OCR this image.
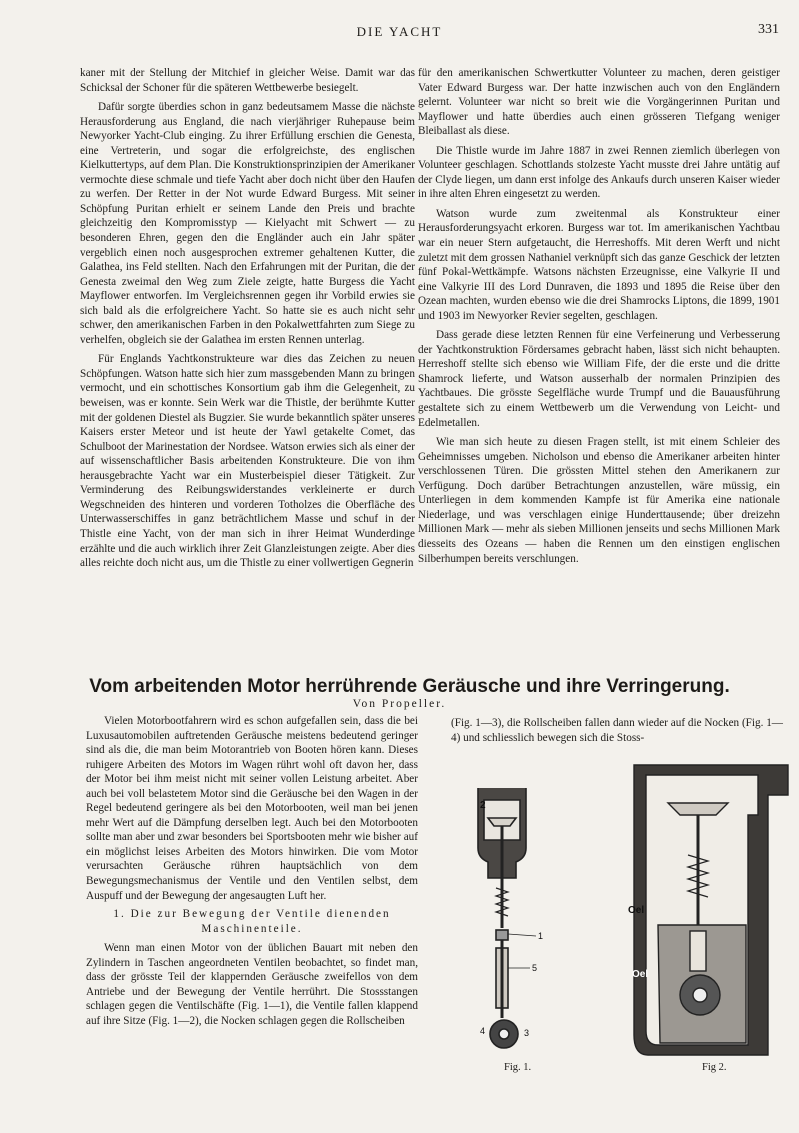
DIE YACHT	331

kaner mit der Stellung der Mitchief in gleicher Weise. Damit war das Schicksal der Schoner für die späteren Wettbewerbe besiegelt.

Dafür sorgte überdies schon in ganz bedeutsamem Masse die nächste Herausforderung aus England, die nach vierjähriger Ruhepause beim Newyorker Yacht-Club einging. Zu ihrer Erfüllung erschien die Genesta, eine Vertreterin, und sogar die erfolgreichste, des englischen Kielkuttertyps, auf dem Plan. Die Konstruktionsprinzipien der Amerikaner vermochte diese schmale und tiefe Yacht aber doch nicht über den Haufen zu werfen. Der Retter in der Not wurde Edward Burgess. Mit seiner Schöpfung Puritan erhielt er seinem Lande den Preis und brachte gleichzeitig den Kompromisstyp — Kielyacht mit Schwert — zu besonderen Ehren, gegen den die Engländer auch ein Jahr später vergeblich einen noch ausgesprochen extremer gehaltenen Kutter, die Galathea, ins Feld stellten. Nach den Erfahrungen mit der Puritan, die der Genesta zweimal den Weg zum Ziele zeigte, hatte Burgess die Yacht Mayflower entworfen. Im Vergleichsrennen gegen ihr Vorbild erwies sie sich bald als die erfolgreichere Yacht. So hatte sie es auch nicht sehr schwer, den amerikanischen Farben in den Pokalwettfahrten zum Siege zu verhelfen, obgleich sie der Galathea im ersten Rennen unterlag.

Für Englands Yachtkonstrukteure war dies das Zeichen zu neuen Schöpfungen. Watson hatte sich hier zum massgebenden Mann zu bringen vermocht, und ein schottisches Konsortium gab ihm die Gelegenheit, zu beweisen, was er konnte. Sein Werk war die Thistle, der berühmte Kutter mit der goldenen Diestel als Bugzier. Sie wurde bekanntlich später unseres Kaisers erster Meteor und ist heute der Yawl getakelte Comet, das Schulboot der Marinestation der Nordsee. Watson erwies sich als einer der auf wissenschaftlicher Basis arbeitenden Konstrukteure. Die von ihm herausgebrachte Yacht war ein Musterbeispiel dieser Tätigkeit. Zur Verminderung des Reibungswiderstandes verkleinerte er durch Wegschneiden des hinteren und vorderen Totholzes die Oberfläche des Unterwasserschiffes in ganz beträchtlichem Masse und schuf in der Thistle eine Yacht, von der man sich in ihrer Heimat Wunderdinge erzählte und die auch wirklich ihrer Zeit Glanzleistungen zeigte. Aber dies alles reichte doch nicht aus, um die Thistle zu einer vollwertigen Gegnerin

für den amerikanischen Schwertkutter Volunteer zu machen, deren geistiger Vater Edward Burgess war. Der hatte inzwischen auch von den Engländern gelernt. Volunteer war nicht so breit wie die Vorgängerinnen Puritan und Mayflower und hatte überdies auch einen grösseren Tiefgang weniger Bleiballast als diese.

Die Thistle wurde im Jahre 1887 in zwei Rennen ziemlich überlegen von Volunteer geschlagen. Schottlands stolzeste Yacht musste drei Jahre untätig auf der Clyde liegen, um dann erst infolge des Ankaufs durch unseren Kaiser wieder in ihre alten Ehren eingesetzt zu werden.

Watson wurde zum zweitenmal als Konstrukteur einer Herausforderungsyacht erkoren. Burgess war tot. Im amerikanischen Yachtbau war ein neuer Stern aufgetaucht, die Herreshoffs. Mit deren Werft und nicht zuletzt mit dem grossen Nathaniel verknüpft sich das ganze Geschick der letzten fünf Pokal-Wettkämpfe. Watsons nächsten Erzeugnisse, eine Valkyrie II und eine Valkyrie III des Lord Dunraven, die 1893 und 1895 die Reise über den Ozean machten, wurden ebenso wie die drei Shamrocks Liptons, die 1899, 1901 und 1903 im Newyorker Revier segelten, geschlagen.

Dass gerade diese letzten Rennen für eine Verfeinerung und Verbesserung der Yachtkonstruktion Fördersames gebracht haben, lässt sich nicht behaupten. Herreshoff stellte sich ebenso wie William Fife, der die erste und die dritte Shamrock lieferte, und Watson ausserhalb der normalen Prinzipien des Yachtbaues. Die grösste Segelfläche wurde Trumpf und die Bauausführung gestaltete sich zu einem Wettbewerb um die Verwendung von Leicht- und Edelmetallen.

Wie man sich heute zu diesen Fragen stellt, ist mit einem Schleier des Geheimnisses umgeben. Nicholson und ebenso die Amerikaner arbeiten hinter verschlossenen Türen. Die grössten Mittel stehen den Amerikanern zur Verfügung. Doch darüber Betrachtungen anzustellen, wäre müssig, ein Unterliegen in dem kommenden Kampfe ist für Amerika eine nationale Niederlage, und was verschlagen einige Hunderttausende; über dreizehn Millionen Mark — mehr als sieben Millionen jenseits und sechs Millionen Mark diesseits des Ozeans — haben die Rennen um den einstigen englischen Silberhumpen bereits verschlungen.

Vom arbeitenden Motor herrührende Geräusche und ihre Verringerung.
Von Propeller.

Vielen Motorbootfahrern wird es schon aufgefallen sein, dass die bei Luxusautomobilen auftretenden Geräusche meistens bedeutend geringer sind als die, die man beim Motorantrieb von Booten hören kann. Dieses ruhigere Arbeiten des Motors im Wagen rührt wohl oft davon her, dass der Motor bei ihm meist nicht mit seiner vollen Leistung arbeitet. Aber auch bei voll belastetem Motor sind die Geräusche bei den Wagen in der Regel bedeutend geringere als bei den Motorbooten, weil man bei jenen mehr Wert auf die Dämpfung derselben legt. Auch bei den Motorbooten sollte man aber und zwar besonders bei Sportsbooten mehr wie bisher auf ein möglichst leises Arbeiten des Motors hinwirken. Die vom Motor verursachten Geräusche rühren hauptsächlich von dem Bewegungsmechanismus der Ventile und den Ventilen selbst, dem Auspuff und der Bewegung der angesaugten Luft her.

1. Die zur Bewegung der Ventile dienenden Maschinenteile.

Wenn man einen Motor von der üblichen Bauart mit neben den Zylindern in Taschen angeordneten Ventilen beobachtet, so findet man, dass der grösste Teil der klappernden Geräusche zweifellos von dem Antriebe und der Bewegung der Ventile herrührt. Die Stossstangen schlagen gegen die Ventilschäfte (Fig. 1—1), die Ventile fallen klappend auf ihre Sitze (Fig. 1—2), die Nocken schlagen gegen die Rollscheiben

(Fig. 1—3), die Rollscheiben fallen dann wieder auf die Nocken (Fig. 1—4) und schliesslich bewegen sich die Stoss-

2
1
5
4	3
Fig. 1.
Oel
Oel
Fig 2.
